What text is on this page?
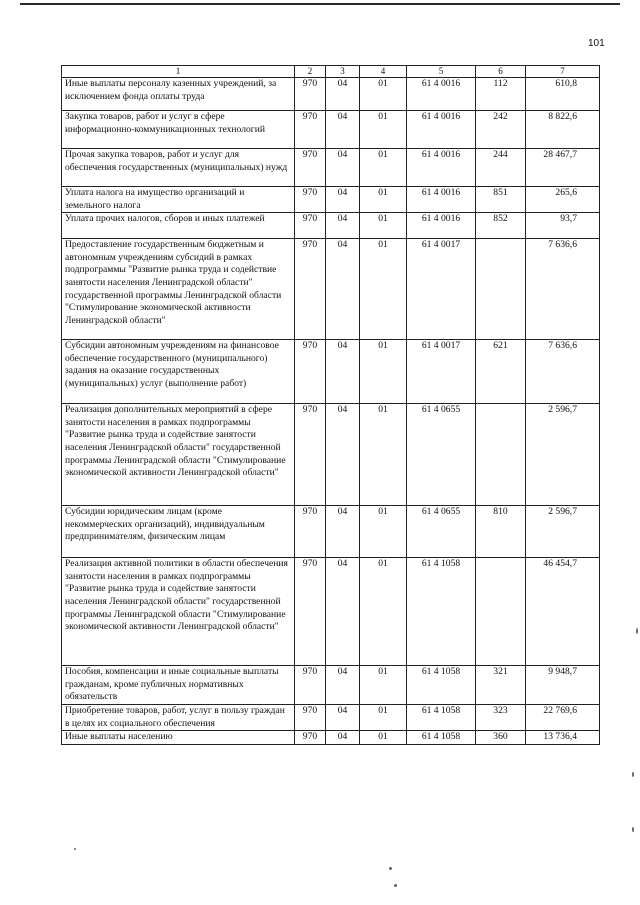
101
1	2	3	4	5	6	7
Иные выплаты персоналу казенных учреждений, за исключением фонда оплаты труда	970	04	01	61 4 0016	112	610,8
Закупка товаров, работ и услуг в сфере информационно-коммуникационных технологий	970	04	01	61 4 0016	242	8 822,6
Прочая закупка товаров, работ и услуг для обеспечения государственных (муниципальных) нужд	970	04	01	61 4 0016	244	28 467,7
Уплата налога на имущество организаций и земельного налога	970	04	01	61 4 0016	851	265,6
Уплата прочих налогов, сборов и иных платежей	970	04	01	61 4 0016	852	93,7
Предоставление государственным бюджетным и автономным учреждениям субсидий в рамках подпрограммы "Развитие рынка труда и содействие занятости населения Ленинградской области" государственной программы Ленинградской области "Стимулирование экономической активности Ленинградской области"	970	04	01	61 4 0017		7 636,6
Субсидии автономным учреждениям на финансовое обеспечение государственного (муниципального) задания на оказание государственных (муниципальных) услуг (выполнение работ)	970	04	01	61 4 0017	621	7 636,6
Реализация дополнительных мероприятий в сфере занятости населения в рамках подпрограммы "Развитие рынка труда и содействие занятости населения Ленинградской области" государственной программы Ленинградской области "Стимулирование экономической активности Ленинградской области"	970	04	01	61 4 0655		2 596,7
Субсидии юридическим лицам (кроме некоммерческих организаций), индивидуальным предпринимателям, физическим лицам	970	04	01	61 4 0655	810	2 596,7
Реализация активной политики в области обеспечения занятости населения в рамках подпрограммы "Развитие рынка труда и содействие занятости населения Ленинградской области" государственной программы Ленинградской области "Стимулирование экономической активности Ленинградской области"	970	04	01	61 4 1058		46 454,7
Пособия, компенсации и иные социальные выплаты гражданам, кроме публичных нормативных обязательств	970	04	01	61 4 1058	321	9 948,7
Приобретение товаров, работ, услуг в пользу граждан в целях их социального обеспечения	970	04	01	61 4 1058	323	22 769,6
Иные выплаты населению	970	04	01	61 4 1058	360	13 736,4
